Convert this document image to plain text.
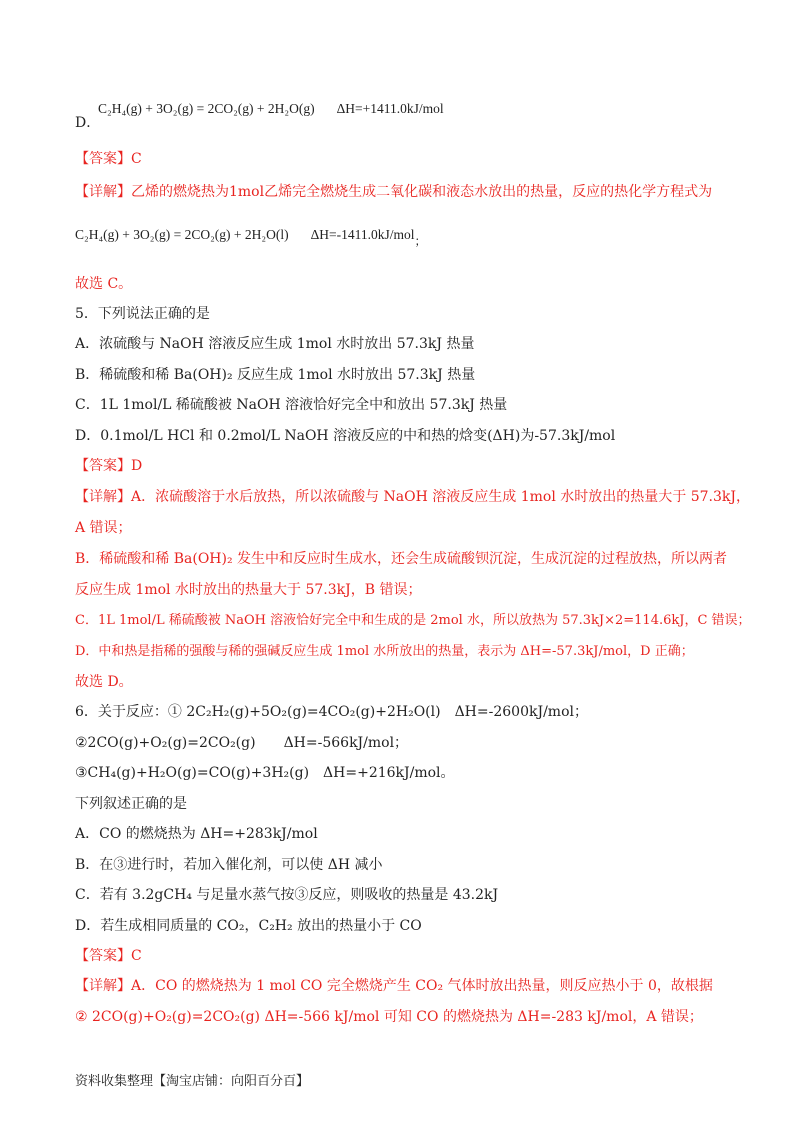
D．
C₂H₄(g) + 3O₂(g) = 2CO₂(g) + 2H₂O(g) ΔH=+1411.0kJ/mol
【答案】C
【详解】乙烯的燃烧热为1mol乙烯完全燃烧生成二氧化碳和液态水放出的热量，反应的热化学方程式为
C₂H₄(g) + 3O₂(g) = 2CO₂(g) + 2H₂O(l) ΔH=-1411.0kJ/mol；
故选 C。
5．下列说法正确的是
A．浓硫酸与 NaOH 溶液反应生成 1mol 水时放出 57.3kJ 热量
B．稀硫酸和稀 Ba(OH)₂ 反应生成 1mol 水时放出 57.3kJ 热量
C．1L 1mol/L 稀硫酸被 NaOH 溶液恰好完全中和放出 57.3kJ 热量
D．0.1mol/L HCl 和 0.2mol/L NaOH 溶液反应的中和热的焓变(ΔH)为-57.3kJ/mol
【答案】D
【详解】A．浓硫酸溶于水后放热，所以浓硫酸与 NaOH 溶液反应生成 1mol 水时放出的热量大于 57.3kJ，
A 错误；
B．稀硫酸和稀 Ba(OH)₂ 发生中和反应时生成水，还会生成硫酸钡沉淀，生成沉淀的过程放热，所以两者
反应生成 1mol 水时放出的热量大于 57.3kJ，B 错误；
C．1L 1mol/L 稀硫酸被 NaOH 溶液恰好完全中和生成的是 2mol 水，所以放热为 57.3kJ×2=114.6kJ，C 错误；
D．中和热是指稀的强酸与稀的强碱反应生成 1mol 水所放出的热量，表示为 ΔH=-57.3kJ/mol，D 正确；
故选 D。
6．关于反应：① 2C₂H₂(g)+5O₂(g)=4CO₂(g)+2H₂O(l)　ΔH=-2600kJ/mol；
②2CO(g)+O₂(g)=2CO₂(g)　　ΔH=-566kJ/mol；
③CH₄(g)+H₂O(g)=CO(g)+3H₂(g)　ΔH=+216kJ/mol。
下列叙述正确的是
A．CO 的燃烧热为 ΔH=+283kJ/mol
B．在③进行时，若加入催化剂，可以使 ΔH 减小
C．若有 3.2gCH₄ 与足量水蒸气按③反应，则吸收的热量是 43.2kJ
D．若生成相同质量的 CO₂，C₂H₂ 放出的热量小于 CO
【答案】C
【详解】A．CO 的燃烧热为 1 mol CO 完全燃烧产生 CO₂ 气体时放出热量，则反应热小于 0，故根据
② 2CO(g)+O₂(g)=2CO₂(g) ΔH=-566 kJ/mol 可知 CO 的燃烧热为 ΔH=-283 kJ/mol，A 错误；
资料收集整理【淘宝店铺：向阳百分百】
